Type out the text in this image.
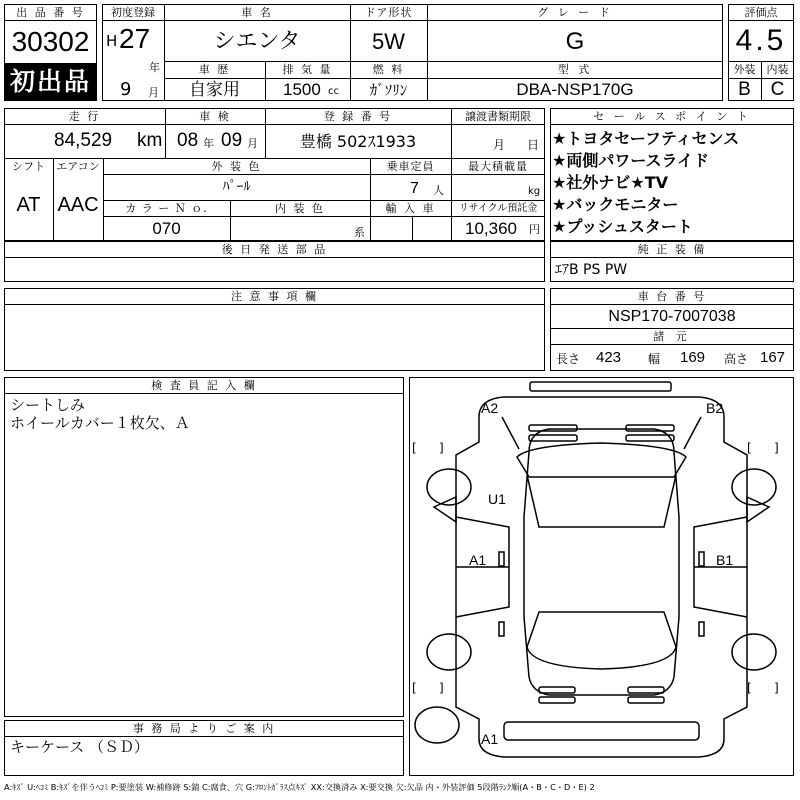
出 品 番 号
30302
初出品
初度登録
H 27
年
9 月
車 名
シエンタ
ドア形状
5W
グ レ ー ド
G
車 歴
自家用
排 気 量
1500 cc
燃 料
ｶﾞｿﾘﾝ
型 式
DBA-NSP170G
評価点
4.5
外装	内装
B	C
走 行
84,529 km
車 検
08 年 09 月
登 録 番 号
豊橋 502ｽ1933
譲渡書類期限
月 日
シフト
AT
エアコン
AAC
外 装 色
ﾊﾟｰﾙ
乗車定員
7 人
最大積載量
kg
カ ラ ー Ｎ ｏ.
070
内 装 色
系
輸 入 車	リサイクル預託金
10,360 円
後 日 発 送 部 品
セ ー ル ス ポ イ ン ト
★トヨタセーフティセンス
★両側パワースライド
★社外ナビ★TV
★バックモニター
★プッシュスタート
純 正 装 備
ｴｱB PS PW
注 意 事 項 欄	車 台 番 号
NSP170-7007038
諸 元
長さ 423 幅 169 高さ 167
検 査 員 記 入 欄
シートしみ
ホイールカバー１枚欠、Ａ
事 務 局 よ り ご 案 内
キーケース （ＳＤ）
[ ]	[ ]
[ ]	[ ]
A2	B2
U1
A1	B1
A1
A:ｷｽﾞ U:ﾍｺﾐ B:ｷｽﾞを伴うﾍｺﾐ P:要塗装 W:補修跡 S:錆 C:腐食、穴 G:ﾌﾛﾝﾄｶﾞﾗｽ点ｷｽﾞ XX:交換済み X:要交換 欠:欠品 内・外装評価 5段階ﾗﾝｸ順(A・B・C・D・E) 2
